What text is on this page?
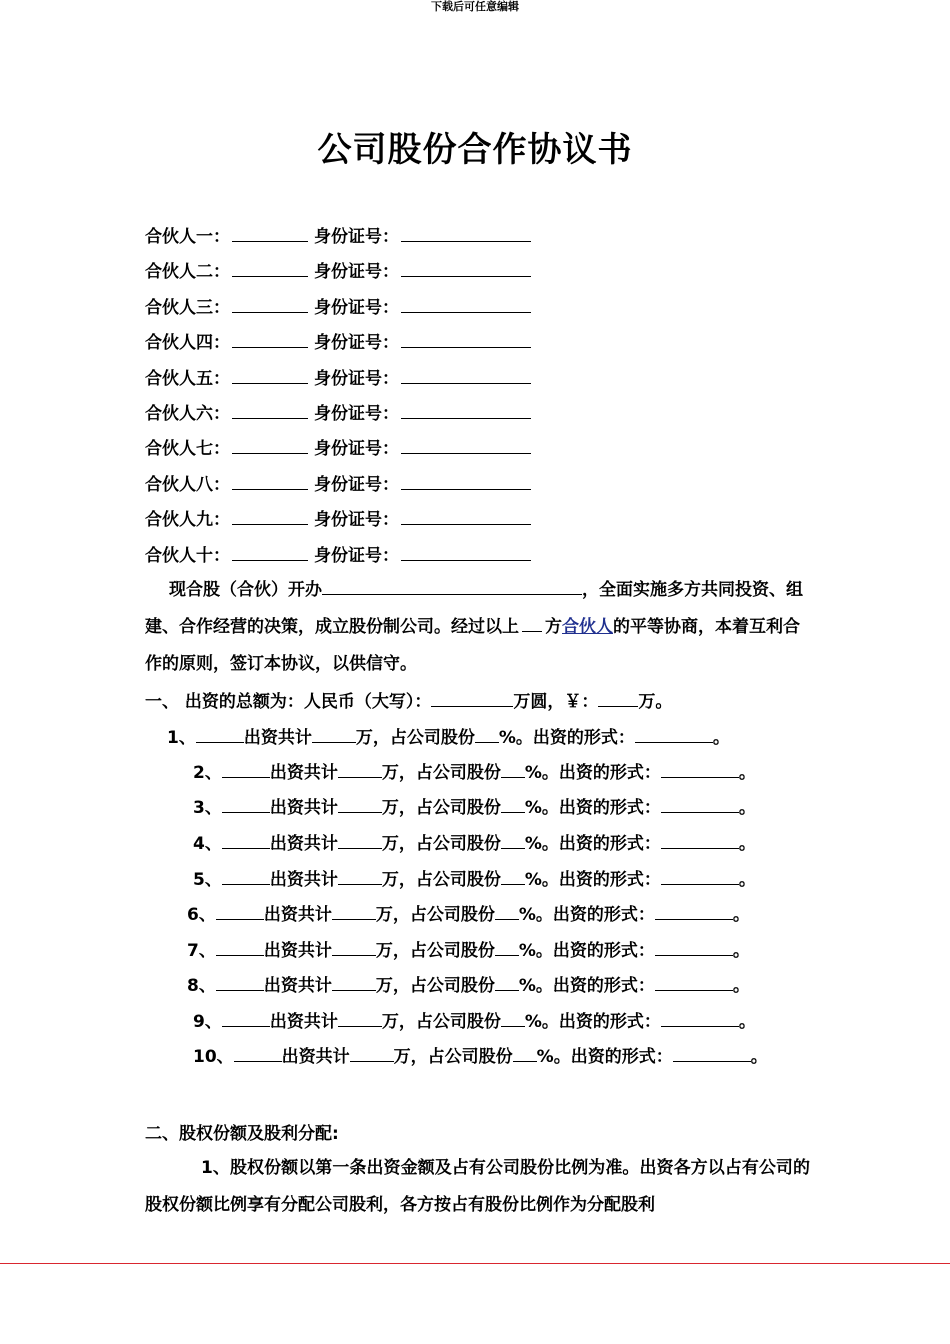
下载后可任意编辑
公司股份合作协议书
合伙人一：	身份证号：
合伙人二：	身份证号：
合伙人三：	身份证号：
合伙人四：	身份证号：
合伙人五：	身份证号：
合伙人六：	身份证号：
合伙人七：	身份证号：
合伙人八：	身份证号：
合伙人九：	身份证号：
合伙人十：	身份证号：
现合股（合伙）开办	，全面实施多方共同投资、组建、合作经营的决策，成立股份制公司。经过以上 方合伙人的平等协商，本着互利合作的原则，签订本协议，以供信守。
一、 出资的总额为：人民币（大写）：	万圆，￥： 万。
1、	出资共计	万，占公司股份 %。出资的形式：	。
2、	出资共计	万，占公司股份 %。出资的形式：	。
3、	出资共计	万，占公司股份 %。出资的形式：	。
4、	出资共计	万，占公司股份 %。出资的形式：	。
5、	出资共计	万，占公司股份 %。出资的形式：	。
6、	出资共计	万，占公司股份 %。出资的形式：	。
7、	出资共计	万，占公司股份 %。出资的形式：	。
8、	出资共计	万，占公司股份 %。出资的形式：	。
9、	出资共计	万，占公司股份 %。出资的形式：	。
10、	出资共计	万，占公司股份 %。出资的形式：	。
二、股权份额及股利分配:
1、股权份额以第一条出资金额及占有公司股份比例为准。出资各方以占有公司的股权份额比例享有分配公司股利，各方按占有股份比例作为分配股利
